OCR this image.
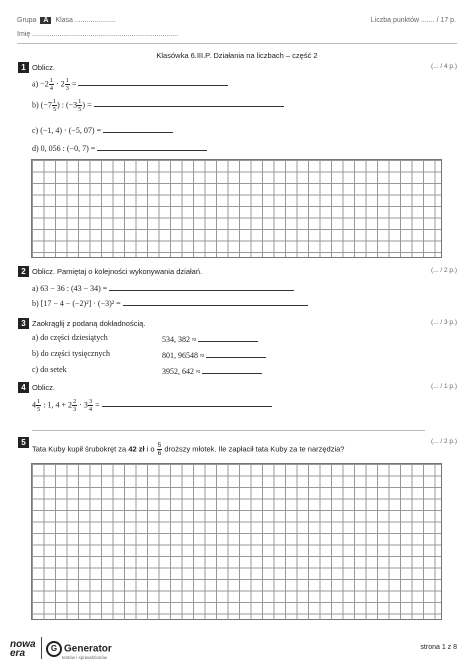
Grupa A Klasa .....................	Liczba punktów ....... / 17 p.
Imię ...........................................................................
Klasówka 6.III.P. Działania na liczbach – część 2
1 Oblicz.	(... / 4 p.)
$a) -2 \frac{1}{4} \cdot 2 \frac{1}{3}$ =
b) ($-7 \frac{1}{5}$ ) : ($-3 \frac{1}{5}$ ) =
c) (−1, 4) · (−5, 07) =
d) 0, 056 : (−0, 7) =
2 Oblicz. Pamiętaj o kolejności wykonywania działań.	(... / 2 p.)
a) 63 − 36 : (43 − 34) =
b) [17 − 4 − (−2)²] · (−3)² =
3 Zaokrąglij z podaną dokładnością.	(... / 3 p.)
a) do części dziesiątych	534, 382 ≈
b) do części tysięcznych	801, 96548 ≈
c) do setek	3952, 642 ≈
4 Oblicz.	(... / 1 p.)
$4 \frac{1}{5}$ : 1, $4 + 2 \frac{2}{3} \cdot 3 \frac{3}{4}$ =
5	(... / 2 p.)
Tata Kuby kupił śrubokręt za 42 zł i o $\frac{5}{6}$ droższy młotek. Ile zapłacił tata Kuby za te narzędzia?
nowa era	G Generator
testów i sprawdzianów
strona 1 z 8
